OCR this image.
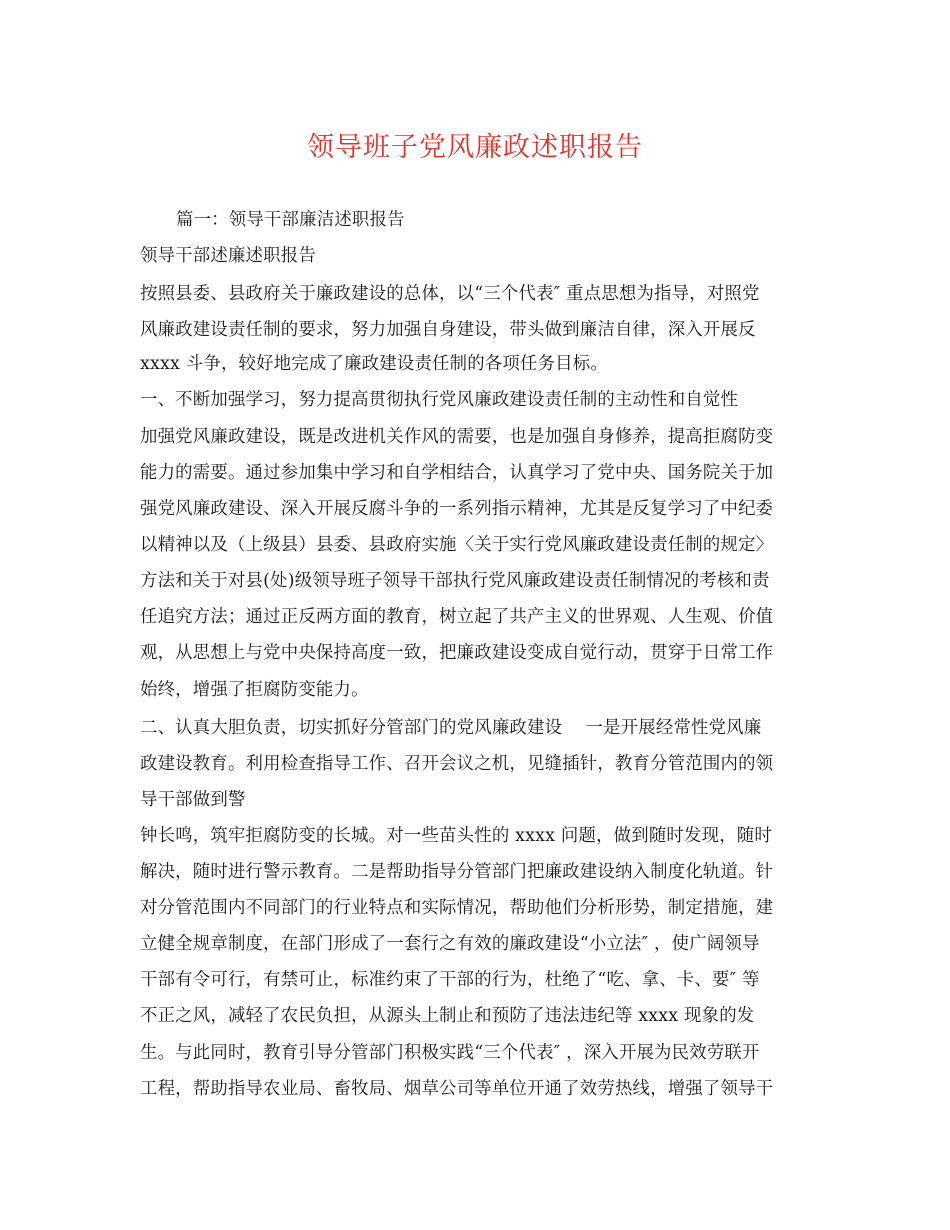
领导班子党风廉政述职报告
篇一：领导干部廉洁述职报告
领导干部述廉述职报告
按照县委、县政府关于廉政建设的总体，以“三个代表″ 重点思想为指导，对照党
风廉政建设责任制的要求，努力加强自身建设，带头做到廉洁自律，深入开展反
xxxx 斗争，较好地完成了廉政建设责任制的各项任务目标。
一、不断加强学习，努力提高贯彻执行党风廉政建设责任制的主动性和自觉性
加强党风廉政建设，既是改进机关作风的需要，也是加强自身修养，提高拒腐防变
能力的需要。通过参加集中学习和自学相结合，认真学习了党中央、国务院关于加
强党风廉政建设、深入开展反腐斗争的一系列指示精神，尤其是反复学习了中纪委
以精神以及（上级县）县委、县政府实施〈关于实行党风廉政建设责任制的规定〉
方法和关于对县(处)级领导班子领导干部执行党风廉政建设责任制情况的考核和责
任追究方法；通过正反两方面的教育，树立起了共产主义的世界观、人生观、价值
观，从思想上与党中央保持高度一致，把廉政建设变成自觉行动，贯穿于日常工作
始终，增强了拒腐防变能力。
二、认真大胆负责，切实抓好分管部门的党风廉政建设　 一是开展经常性党风廉
政建设教育。利用检查指导工作、召开会议之机，见缝插针，教育分管范围内的领
导干部做到警
钟长鸣，筑牢拒腐防变的长城。对一些苗头性的 xxxx 问题，做到随时发现，随时
解决，随时进行警示教育。二是帮助指导分管部门把廉政建设纳入制度化轨道。针
对分管范围内不同部门的行业特点和实际情况，帮助他们分析形势，制定措施，建
立健全规章制度，在部门形成了一套行之有效的廉政建设“小立法″ ，使广阔领导
干部有令可行，有禁可止，标准约束了干部的行为，杜绝了“吃、拿、卡、要″ 等
不正之风，减轻了农民负担，从源头上制止和预防了违法违纪等 xxxx 现象的发
生。与此同时，教育引导分管部门积极实践“三个代表″ ，深入开展为民效劳联开
工程，帮助指导农业局、畜牧局、烟草公司等单位开通了效劳热线，增强了领导干
